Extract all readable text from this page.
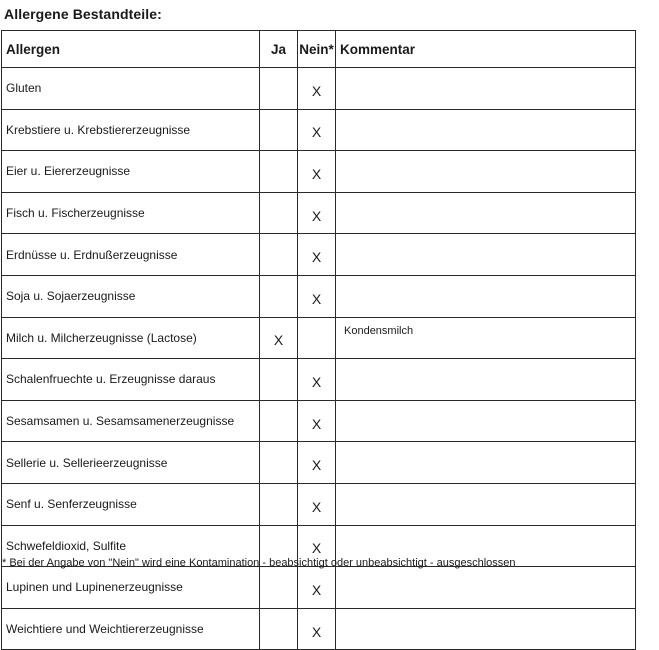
Allergene Bestandteile:
Allergen	Ja	Nein*	Kommentar
Gluten		X	
Krebstiere u. Krebstiererzeugnisse		X	
Eier u. Eiererzeugnisse		X	
Fisch u. Fischerzeugnisse		X	
Erdnüsse u. Erdnußerzeugnisse		X	
Soja u. Sojaerzeugnisse		X	
Milch u. Milcherzeugnisse (Lactose)	X		Kondensmilch
Schalenfruechte u. Erzeugnisse daraus		X	
Sesamsamen u. Sesamsamenerzeugnisse		X	
Sellerie u. Sellerieerzeugnisse		X	
Senf u. Senferzeugnisse		X	
Schwefeldioxid, Sulfite		X	
Lupinen und Lupinenerzeugnisse		X	
Weichtiere und Weichtiererzeugnisse		X	
* Bei der Angabe von "Nein" wird eine Kontamination - beabsichtigt oder unbeabsichtigt - ausgeschlossen
